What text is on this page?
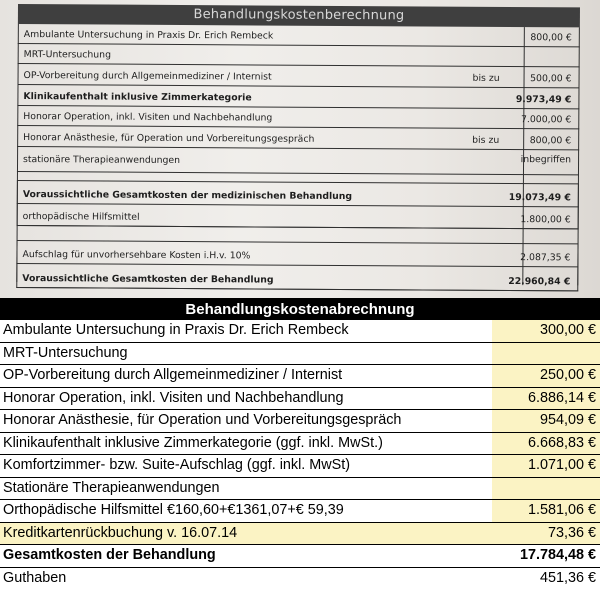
Behandlungskostenberechnung
Ambulante Untersuchung in Praxis Dr. Erich Rembeck	800,00 €
MRT-Untersuchung
OP-Vorbereitung durch Allgemeinmediziner / Internist	bis zu	500,00 €
Klinikaufenthalt inklusive Zimmerkategorie	9.973,49 €
Honorar Operation, inkl. Visiten und Nachbehandlung	7.000,00 €
Honorar Anästhesie, für Operation und Vorbereitungsgespräch	bis zu	800,00 €
stationäre Therapieanwendungen	inbegriffen
Voraussichtliche Gesamtkosten der medizinischen Behandlung	19.073,49 €
orthopädische Hilfsmittel	1.800,00 €
Aufschlag für unvorhersehbare Kosten i.H.v. 10%	2.087,35 €
Voraussichtliche Gesamtkosten der Behandlung	22.960,84 €
Behandlungskostenabrechnung
Ambulante Untersuchung in Praxis Dr. Erich Rembeck	300,00 €
MRT-Untersuchung
OP-Vorbereitung durch Allgemeinmediziner / Internist	250,00 €
Honorar Operation, inkl. Visiten und Nachbehandlung	6.886,14 €
Honorar Anästhesie, für Operation und Vorbereitungsgespräch	954,09 €
Klinikaufenthalt inklusive Zimmerkategorie (ggf. inkl. MwSt.)	6.668,83 €
Komfortzimmer- bzw. Suite-Aufschlag (ggf. inkl. MwSt)	1.071,00 €
Stationäre Therapieanwendungen
Orthopädische Hilfsmittel €160,60+€1361,07+€ 59,39	1.581,06 €
Kreditkartenrückbuchung v. 16.07.14	73,36 €
Gesamtkosten der Behandlung	17.784,48 €
Guthaben	451,36 €
